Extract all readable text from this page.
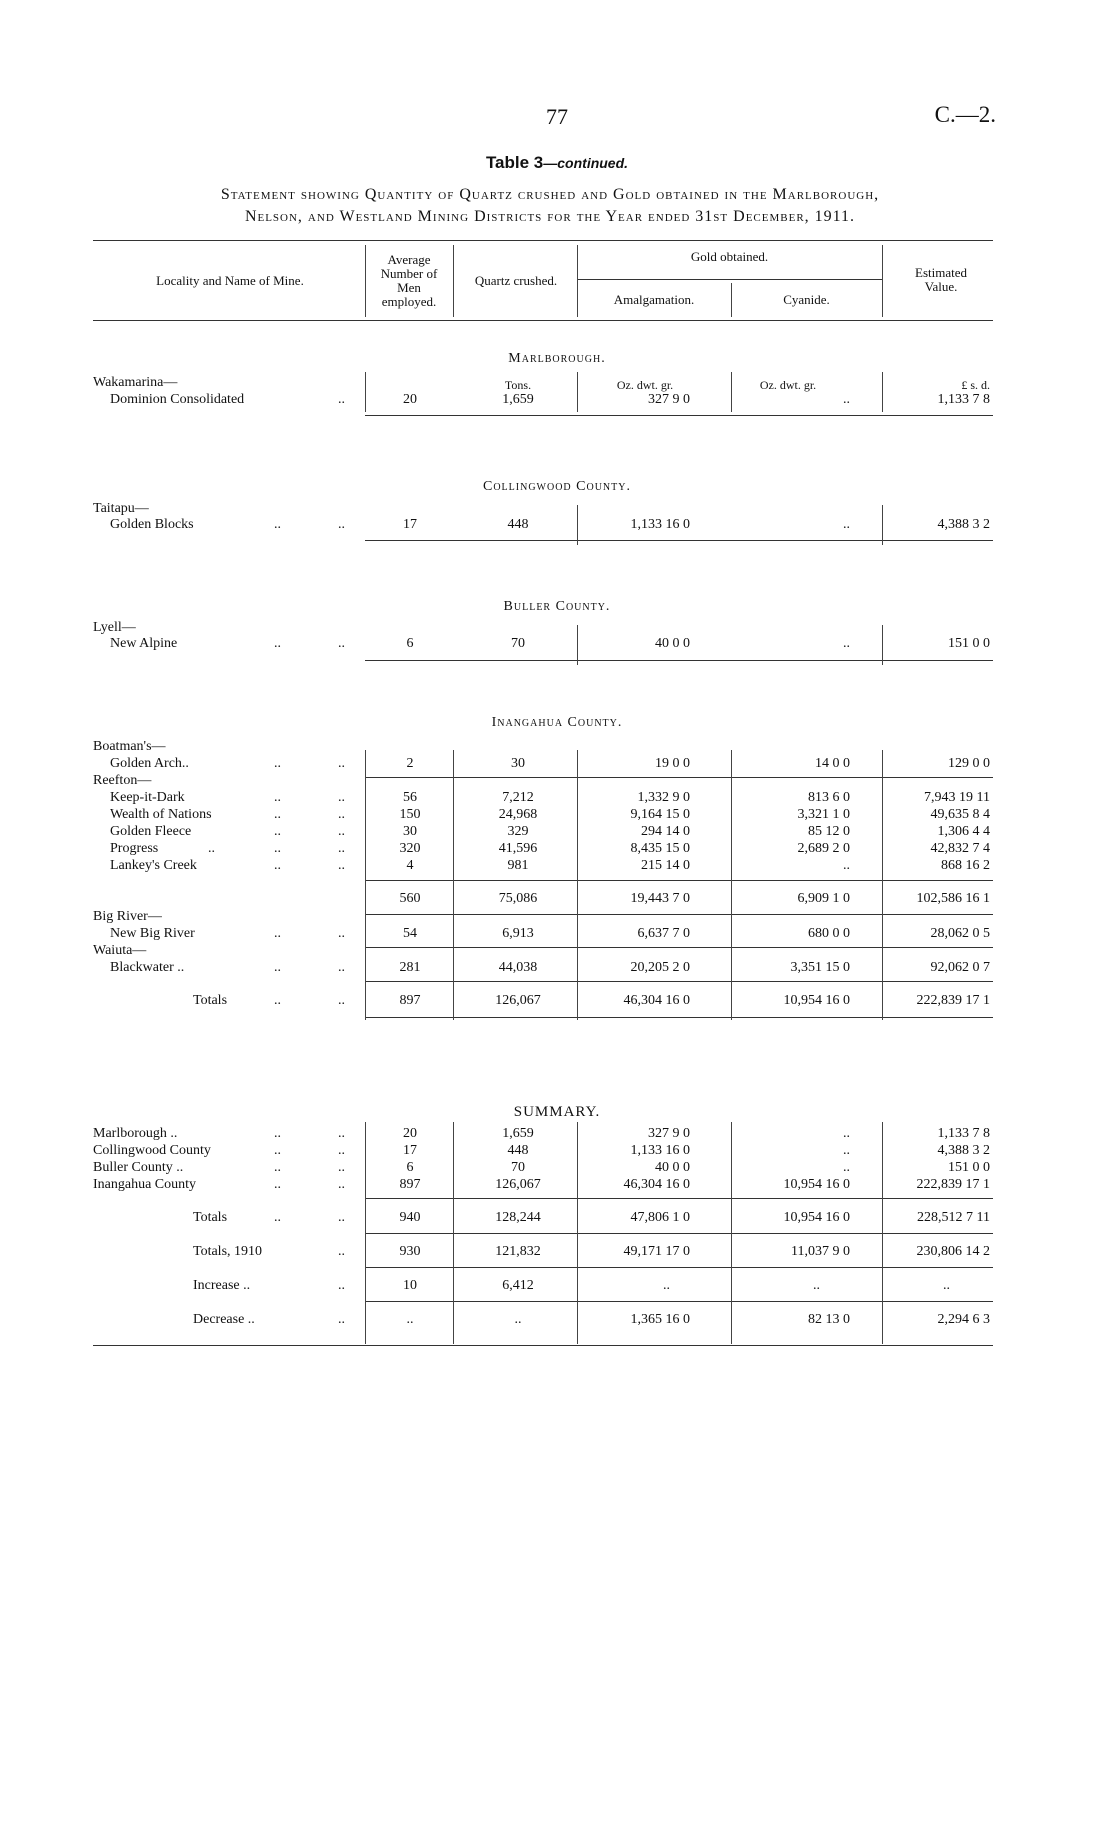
77	C.—2.
Table 3—continued.
Statement showing Quantity of Quartz crushed and Gold obtained in the Marlborough,
Nelson, and Westland Mining Districts for the Year ended 31st December, 1911.
Locality and Name of Mine.
Average
Number of
Men
employed.
Quartz crushed.
Gold obtained.
Amalgamation.	Cyanide.
Estimated
Value.
Marlborough.
Tons.	Oz. dwt. gr.	Oz. dwt. gr.	£ s. d.
Wakamarina—
Dominion Consolidated	..	20	1,659	327 9 0	..	1,133 7 8
Collingwood County.
Taitapu—
Golden Blocks	..	..	17	448	1,133 16 0	..	4,388 3 2
Buller County.
Lyell—
New Alpine	..	..	6	70	40 0 0	..	151 0 0
Inangahua County.
Boatman's—
Golden Arch..	..	..	2	30	19 0 0	14 0 0	129 0 0
Reefton—
Keep-it-Dark	..	..	56	7,212	1,332 9 0	813 6 0	7,943 19 11
Wealth of Nations	..	..	150	24,968	9,164 15 0	3,321 1 0	49,635 8 4
Golden Fleece	..	..	30	329	294 14 0	85 12 0	1,306 4 4
Progress	..	..	..	320	41,596	8,435 15 0	2,689 2 0	42,832 7 4
Lankey's Creek	..	..	4	981	215 14 0	..	868 16 2
560	75,086	19,443 7 0	6,909 1 0	102,586 16 1
Big River—
New Big River	..	..	54	6,913	6,637 7 0	680 0 0	28,062 0 5
Waiuta—
Blackwater ..	..	..	281	44,038	20,205 2 0	3,351 15 0	92,062 0 7
Totals	..	..	897	126,067	46,304 16 0	10,954 16 0	222,839 17 1
SUMMARY.
Marlborough ..	..	..	20	1,659	327 9 0	..	1,133 7 8
Collingwood County	..	..	17	448	1,133 16 0	..	4,388 3 2
Buller County ..	..	..	6	70	40 0 0	..	151 0 0
Inangahua County	..	..	897	126,067	46,304 16 0	10,954 16 0	222,839 17 1
Totals	..	..	940	128,244	47,806 1 0	10,954 16 0	228,512 7 11
Totals, 1910	..	930	121,832	49,171 17 0	11,037 9 0	230,806 14 2
Increase ..	..	10	6,412	..	..	..
Decrease ..	..	..	..	1,365 16 0	82 13 0	2,294 6 3
